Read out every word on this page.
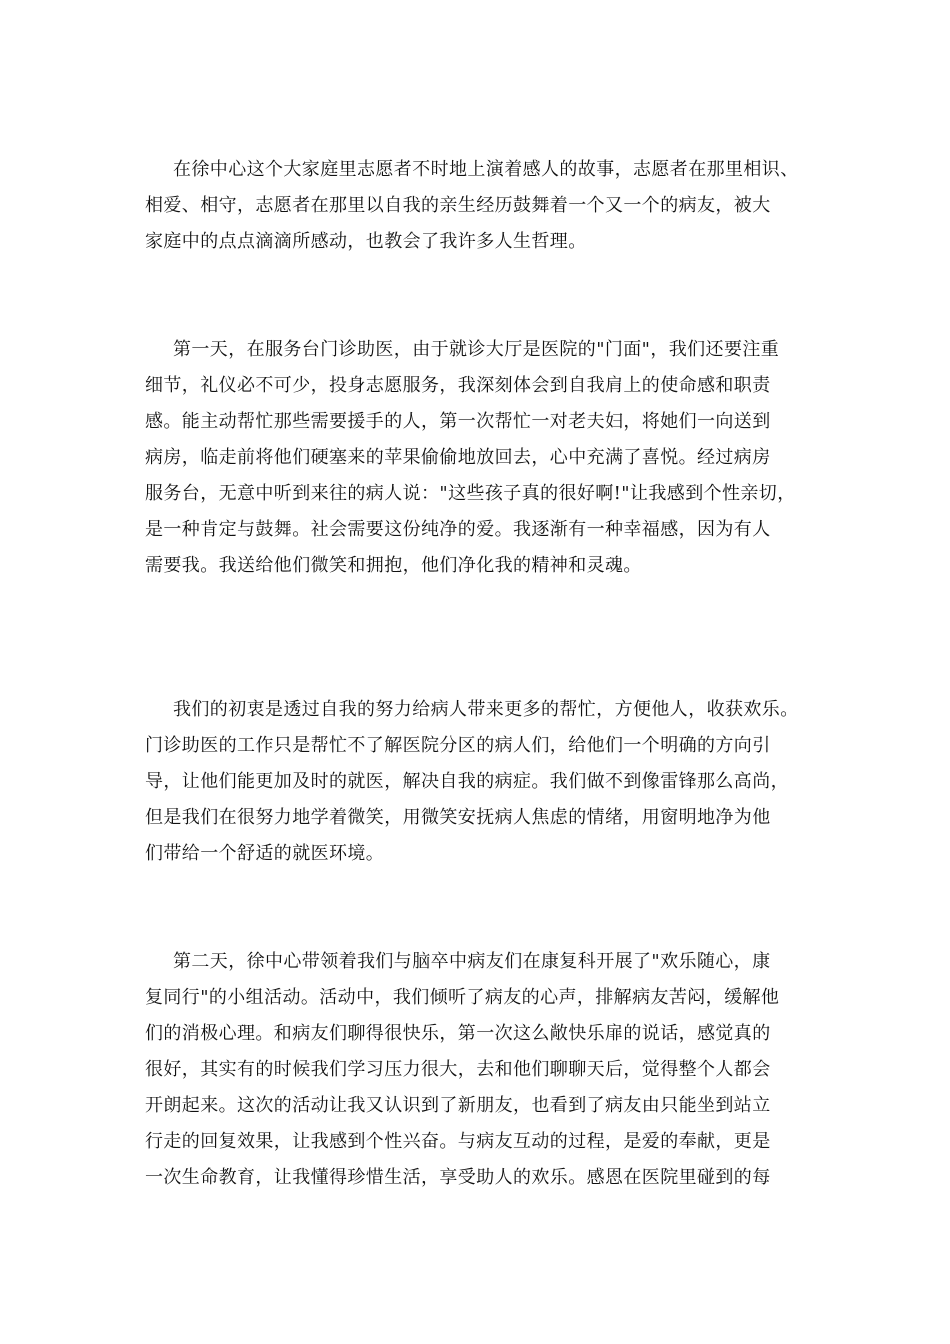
在徐中心这个大家庭里志愿者不时地上演着感人的故事，志愿者在那里相识、
相爱、相守，志愿者在那里以自我的亲生经历鼓舞着一个又一个的病友，被大
家庭中的点点滴滴所感动，也教会了我许多人生哲理。
第一天，在服务台门诊助医，由于就诊大厅是医院的"门面"，我们还要注重
细节，礼仪必不可少，投身志愿服务，我深刻体会到自我肩上的使命感和职责
感。能主动帮忙那些需要援手的人，第一次帮忙一对老夫妇，将她们一向送到
病房，临走前将他们硬塞来的苹果偷偷地放回去，心中充满了喜悦。经过病房
服务台，无意中听到来往的病人说："这些孩子真的很好啊!"让我感到个性亲切，
是一种肯定与鼓舞。社会需要这份纯净的爱。我逐渐有一种幸福感，因为有人
需要我。我送给他们微笑和拥抱，他们净化我的精神和灵魂。
我们的初衷是透过自我的努力给病人带来更多的帮忙，方便他人，收获欢乐。
门诊助医的工作只是帮忙不了解医院分区的病人们，给他们一个明确的方向引
导，让他们能更加及时的就医，解决自我的病症。我们做不到像雷锋那么高尚，
但是我们在很努力地学着微笑，用微笑安抚病人焦虑的情绪，用窗明地净为他
们带给一个舒适的就医环境。
第二天，徐中心带领着我们与脑卒中病友们在康复科开展了"欢乐随心，康
复同行"的小组活动。活动中，我们倾听了病友的心声，排解病友苦闷，缓解他
们的消极心理。和病友们聊得很快乐，第一次这么敞快乐扉的说话，感觉真的
很好，其实有的时候我们学习压力很大，去和他们聊聊天后，觉得整个人都会
开朗起来。这次的活动让我又认识到了新朋友，也看到了病友由只能坐到站立
行走的回复效果，让我感到个性兴奋。与病友互动的过程，是爱的奉献，更是
一次生命教育，让我懂得珍惜生活，享受助人的欢乐。感恩在医院里碰到的每
